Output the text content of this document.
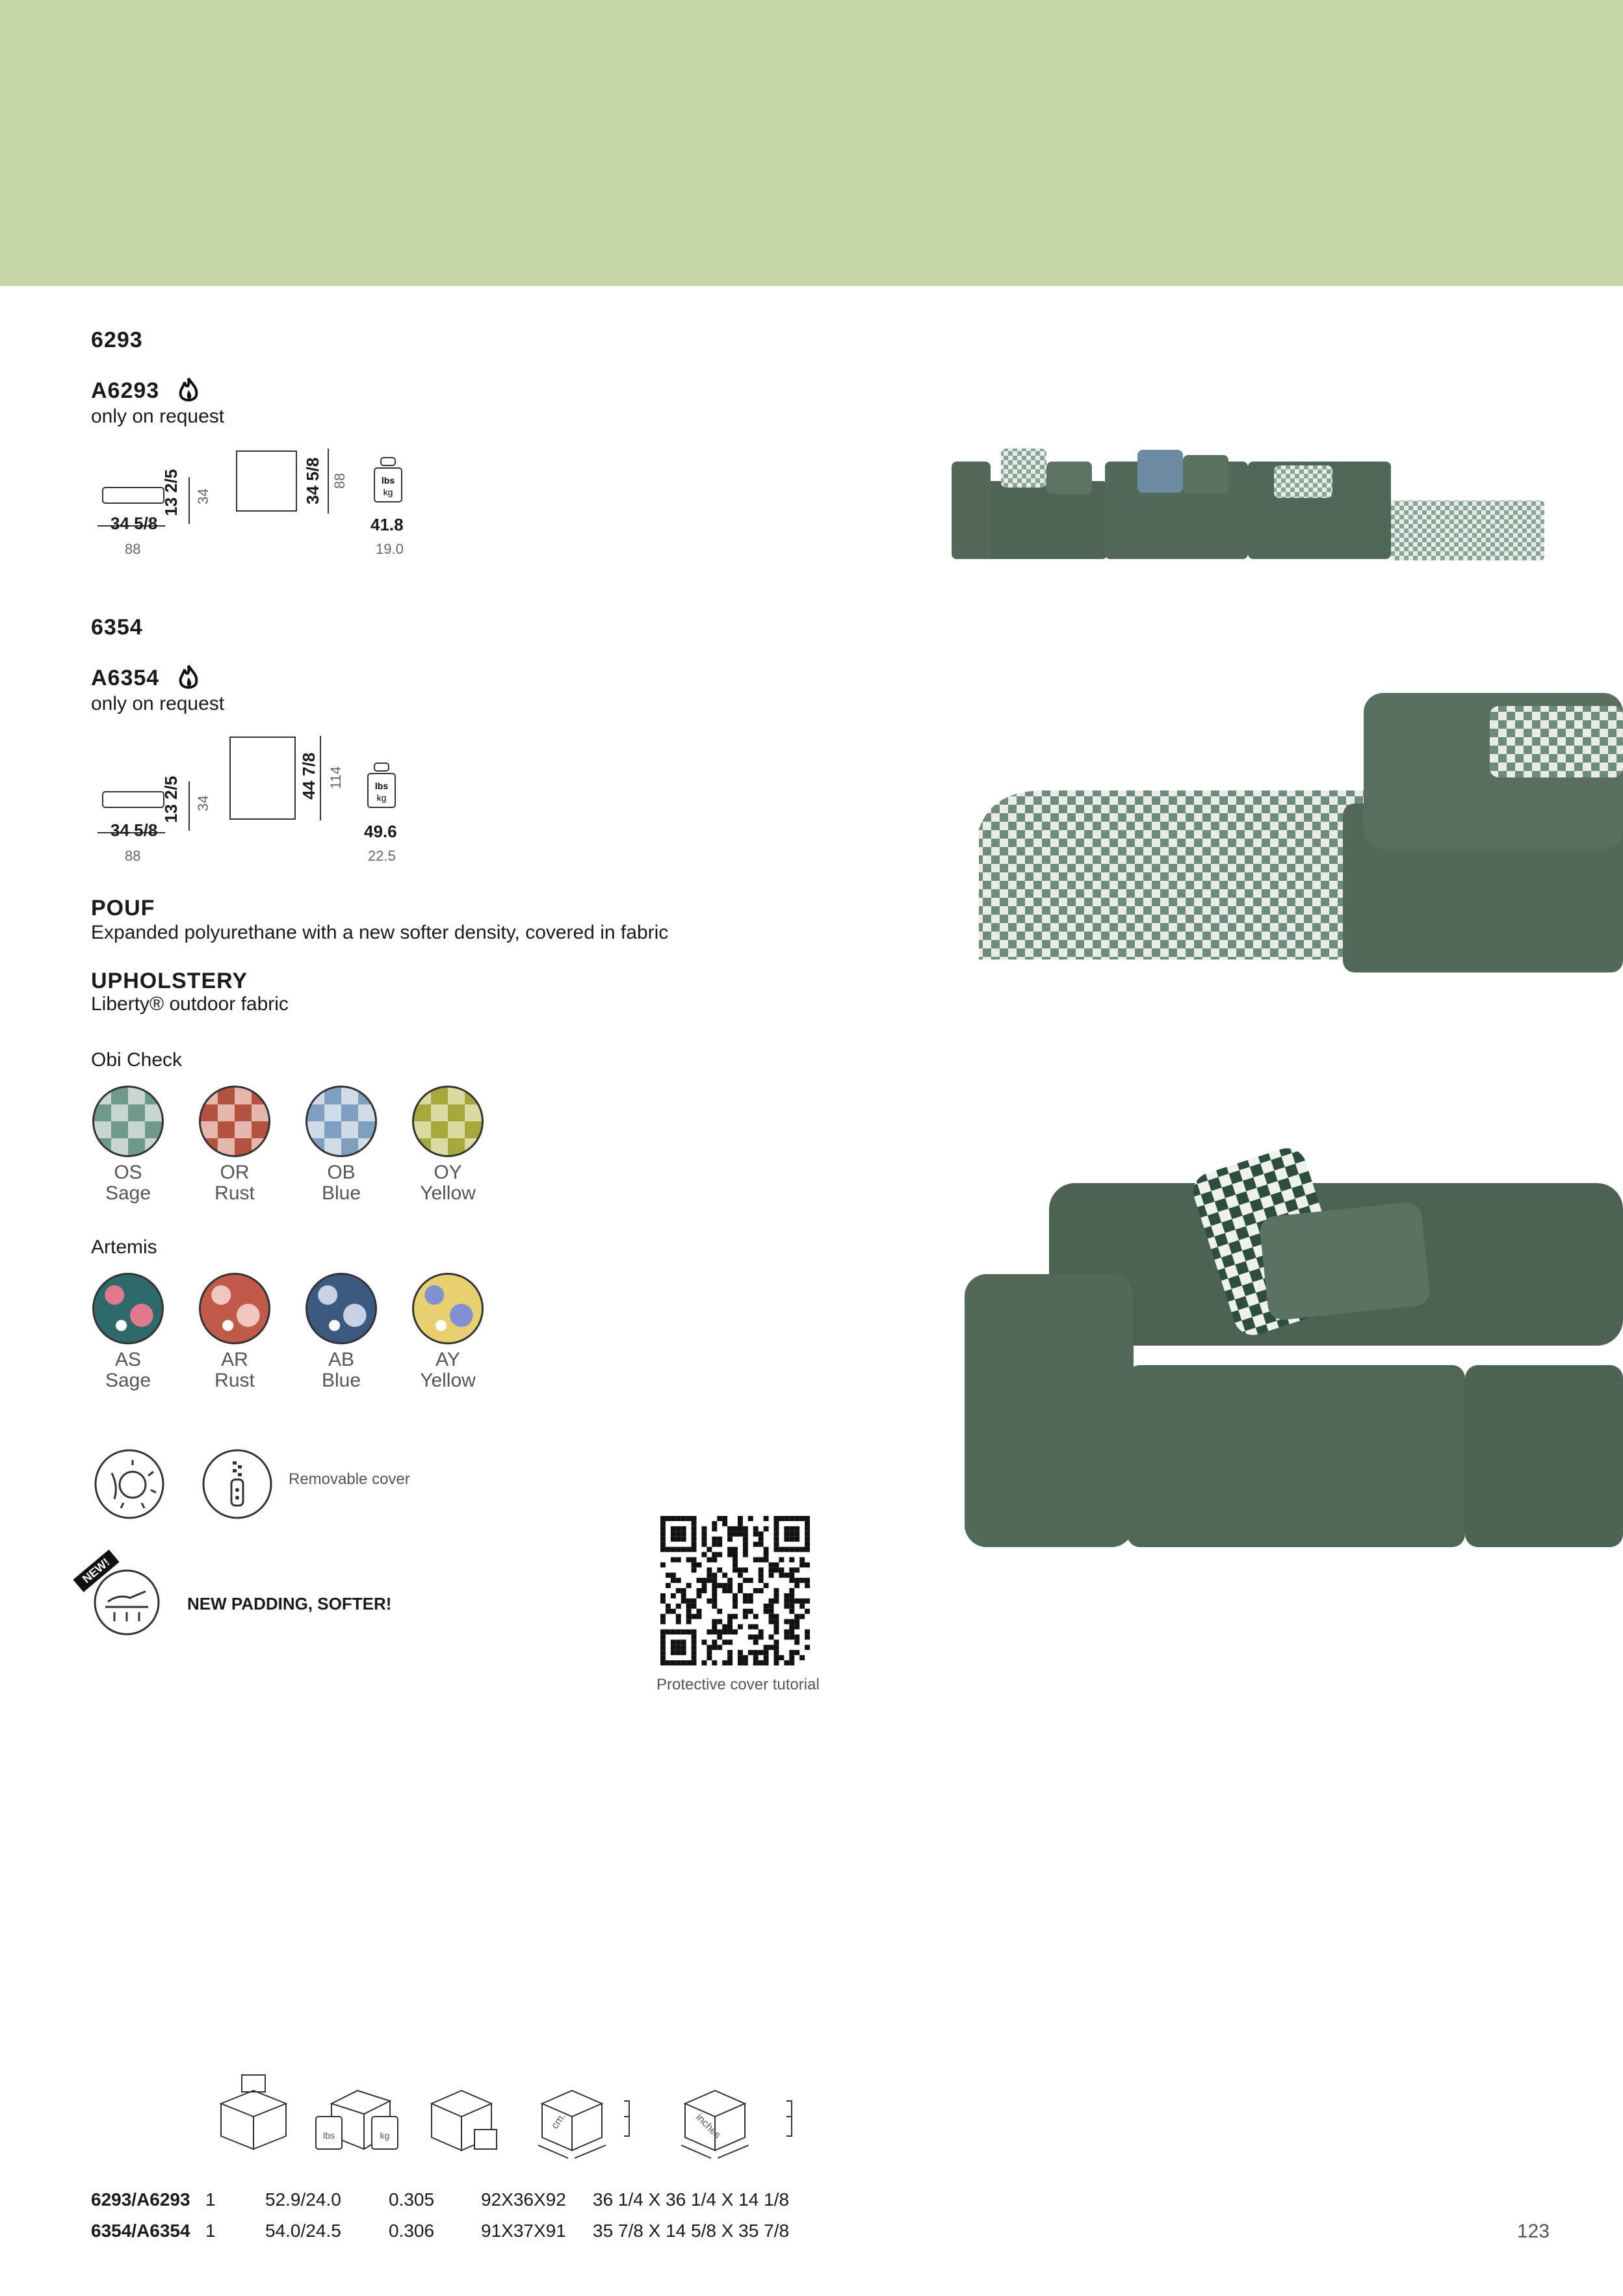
6293
A6293
only on request
34 5/8
88
13 2/5 34	34 5/8 88	lbs
kg
41.8
19.0
6354
A6354
only on request
34 5/8
88
13 2/5 34
44 7/8 114	lbs
kg
49.6
22.5
POUF
Expanded polyurethane with a new softer density, covered in fabric
UPHOLSTERY
Liberty® outdoor fabric
Obi Check
OS
Sage
OR
Rust
OB
Blue
OY
Yellow
Artemis
AS
Sage
AR
Rust
AB
Blue
AY
Yellow
Removable cover
NEW!
NEW PADDING, SOFTER!
Protective cover tutorial
lbs	kg
cm.	inches
6293/A6293 1	52.9/24.0	0.305	92X36X92 36 1/4 X 36 1/4 X 14 1/8
6354/A6354 1	54.0/24.5	0.306	91X37X91 35 7/8 X 14 5/8 X 35 7/8	123
